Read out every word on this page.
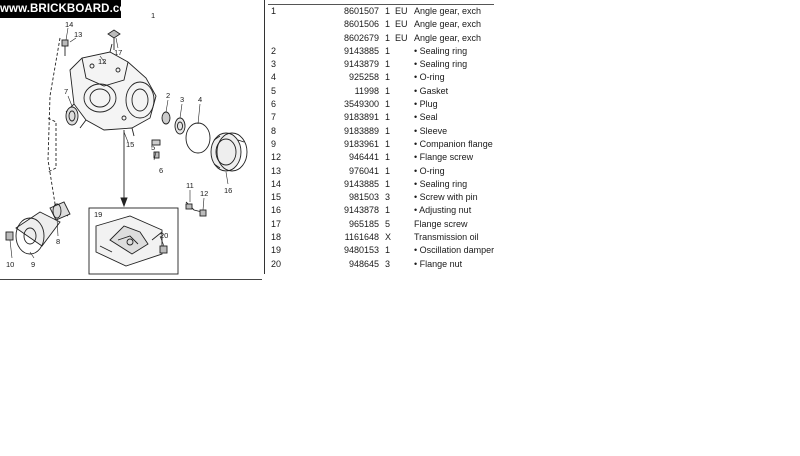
www.BRICKBOARD.com
1
14
13
17
12
7	2 3 4
15 5
6
11
12 16
19
20
8
10 9
1	8601507	1	EU	Angle gear, exch
	8601506	1	EU	Angle gear, exch
	8602679	1	EU	Angle gear, exch
2	9143885	1		• Sealing ring
3	9143879	1		• Sealing ring
4	925258	1		• O-ring
5	11998	1		• Gasket
6	3549300	1		• Plug
7	9183891	1		• Seal
8	9183889	1		• Sleeve
9	9183961	1		• Companion flange
12	946441	1		• Flange screw
13	976041	1		• O-ring
14	9143885	1		• Sealing ring
15	981503	3		• Screw with pin
16	9143878	1		• Adjusting nut
17	965185	5		Flange screw
18	1161648	X		Transmission oil
19	9480153	1		• Oscillation damper
20	948645	3		• Flange nut
